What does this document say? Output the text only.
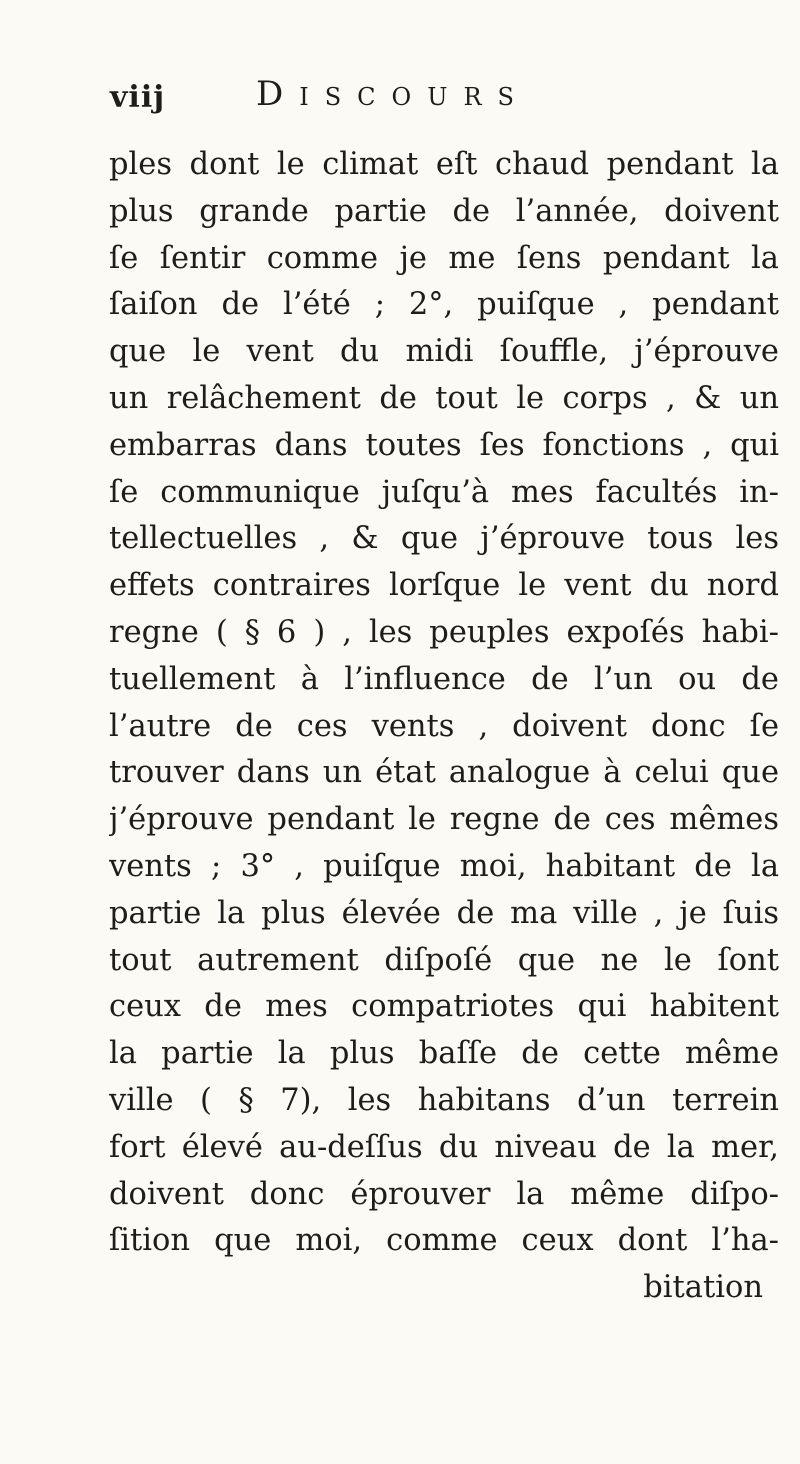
viij	Discours
ples dont le climat eſt chaud pendant la
plus grande partie de l’année, doivent
ſe ſentir comme je me ſens pendant la
ſaiſon de l’été ; 2°, puiſque , pendant
que le vent du midi ſouffle, j’éprouve
un relâchement de tout le corps , & un
embarras dans toutes ſes fonctions , qui
ſe communique juſqu’à mes facultés in-
tellectuelles , & que j’éprouve tous les
effets contraires lorſque le vent du nord
regne ( § 6 ) , les peuples expoſés habi-
tuellement à l’influence de l’un ou de
l’autre de ces vents , doivent donc ſe
trouver dans un état analogue à celui que
j’éprouve pendant le regne de ces mêmes
vents ; 3° , puiſque moi, habitant de la
partie la plus élevée de ma ville , je ſuis
tout autrement diſpoſé que ne le ſont
ceux de mes compatriotes qui habitent
la partie la plus baſſe de cette même
ville ( § 7), les habitans d’un terrein
fort élevé au-deſſus du niveau de la mer,
doivent donc éprouver la même diſpo-
ſition que moi, comme ceux dont l’ha-
bitation
